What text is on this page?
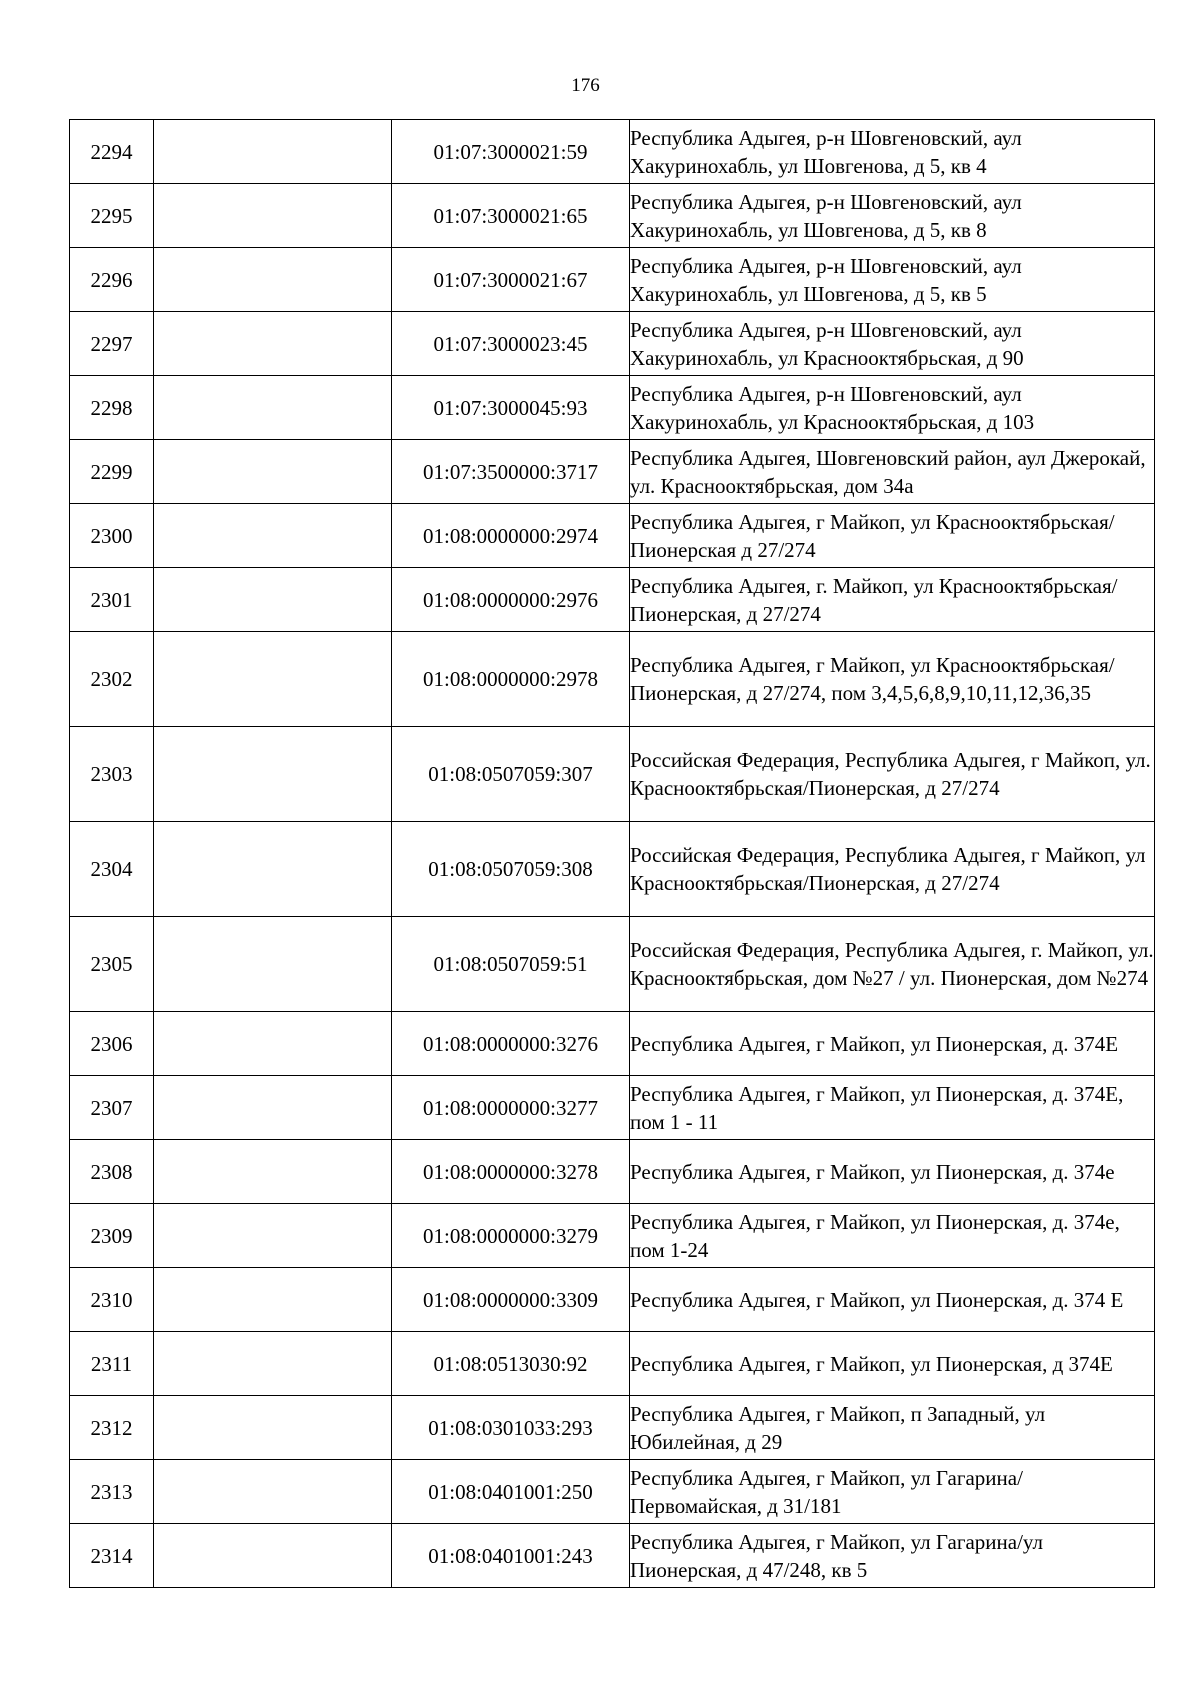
176
2294		01:07:3000021:59	Республика Адыгея, р-н Шовгеновский, аул Хакуринохабль, ул Шовгенова, д 5, кв 4
2295		01:07:3000021:65	Республика Адыгея, р-н Шовгеновский, аул Хакуринохабль, ул Шовгенова, д 5, кв 8
2296		01:07:3000021:67	Республика Адыгея, р-н Шовгеновский, аул Хакуринохабль, ул Шовгенова, д 5, кв 5
2297		01:07:3000023:45	Республика Адыгея, р-н Шовгеновский, аул Хакуринохабль, ул Краснооктябрьская, д 90
2298		01:07:3000045:93	Республика Адыгея, р-н Шовгеновский, аул Хакуринохабль, ул Краснооктябрьская, д 103
2299		01:07:3500000:3717	Республика Адыгея, Шовгеновский район, аул Джерокай, ул. Краснооктябрьская, дом 34а
2300		01:08:0000000:2974	Республика Адыгея, г Майкоп, ул Краснооктябрьская/Пионерская д 27/274
2301		01:08:0000000:2976	Республика Адыгея, г. Майкоп, ул Краснооктябрьская/Пионерская, д 27/274
2302		01:08:0000000:2978	Республика Адыгея, г Майкоп, ул Краснооктябрьская/Пионерская, д 27/274, пом 3,4,5,6,8,9,10,11,12,36,35
2303		01:08:0507059:307	Российская Федерация, Республика Адыгея, г Майкоп, ул. Краснооктябрьская/Пионерская, д 27/274
2304		01:08:0507059:308	Российская Федерация, Республика Адыгея, г Майкоп, ул Краснооктябрьская/Пионерская, д 27/274
2305		01:08:0507059:51	Российская Федерация, Республика Адыгея, г. Майкоп, ул. Краснооктябрьская, дом №27 / ул. Пионерская, дом №274
2306		01:08:0000000:3276	Республика Адыгея, г Майкоп, ул Пионерская, д. 374Е
2307		01:08:0000000:3277	Республика Адыгея, г Майкоп, ул Пионерская, д. 374Е, пом 1 - 11
2308		01:08:0000000:3278	Республика Адыгея, г Майкоп, ул Пионерская, д. 374е
2309		01:08:0000000:3279	Республика Адыгея, г Майкоп, ул Пионерская, д. 374е, пом 1-24
2310		01:08:0000000:3309	Республика Адыгея, г Майкоп, ул Пионерская, д. 374 Е
2311		01:08:0513030:92	Республика Адыгея, г Майкоп, ул Пионерская, д 374Е
2312		01:08:0301033:293	Республика Адыгея, г Майкоп, п Западный, ул Юбилейная, д 29
2313		01:08:0401001:250	Республика Адыгея, г Майкоп, ул Гагарина/Первомайская, д 31/181
2314		01:08:0401001:243	Республика Адыгея, г Майкоп, ул Гагарина/ул Пионерская, д 47/248, кв 5
